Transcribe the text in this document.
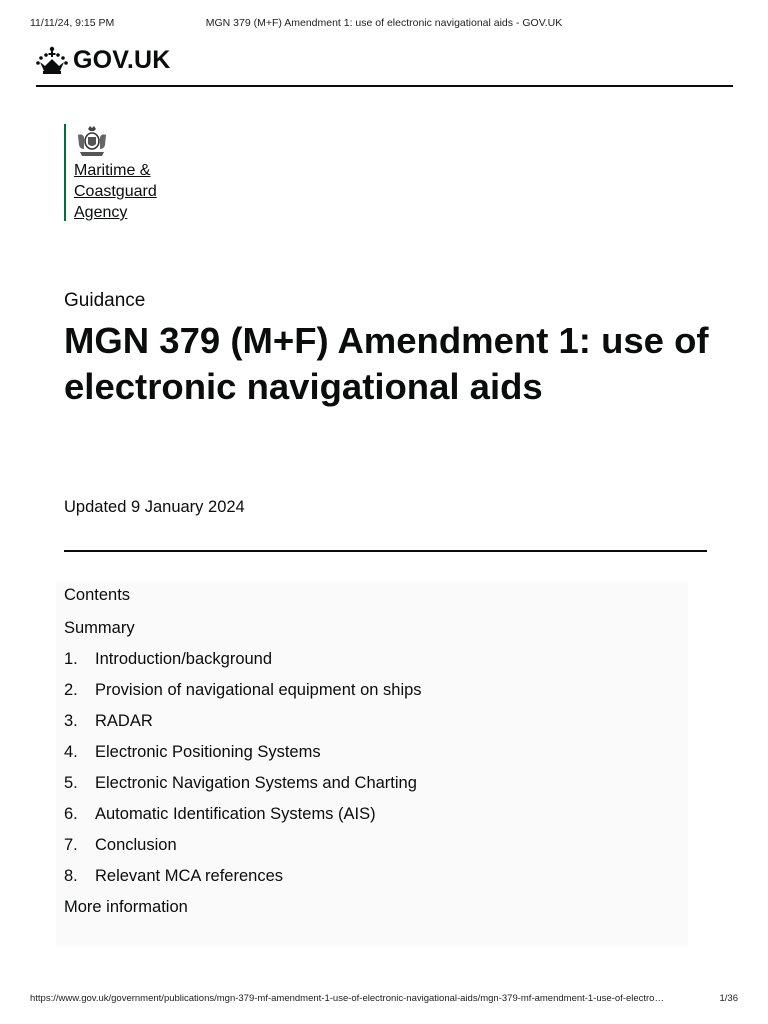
11/11/24, 9:15 PM	MGN 379 (M+F) Amendment 1: use of electronic navigational aids - GOV.UK
GOV.UK
Maritime &
Coastguard
Agency
Guidance
MGN 379 (M+F) Amendment 1: use of electronic navigational aids
Updated 9 January 2024
Contents
Summary
1. Introduction/background
2. Provision of navigational equipment on ships
3. RADAR
4. Electronic Positioning Systems
5. Electronic Navigation Systems and Charting
6. Automatic Identification Systems (AIS)
7. Conclusion
8. Relevant MCA references
More information
https://www.gov.uk/government/publications/mgn-379-mf-amendment-1-use-of-electronic-navigational-aids/mgn-379-mf-amendment-1-use-of-electro…	1/36
